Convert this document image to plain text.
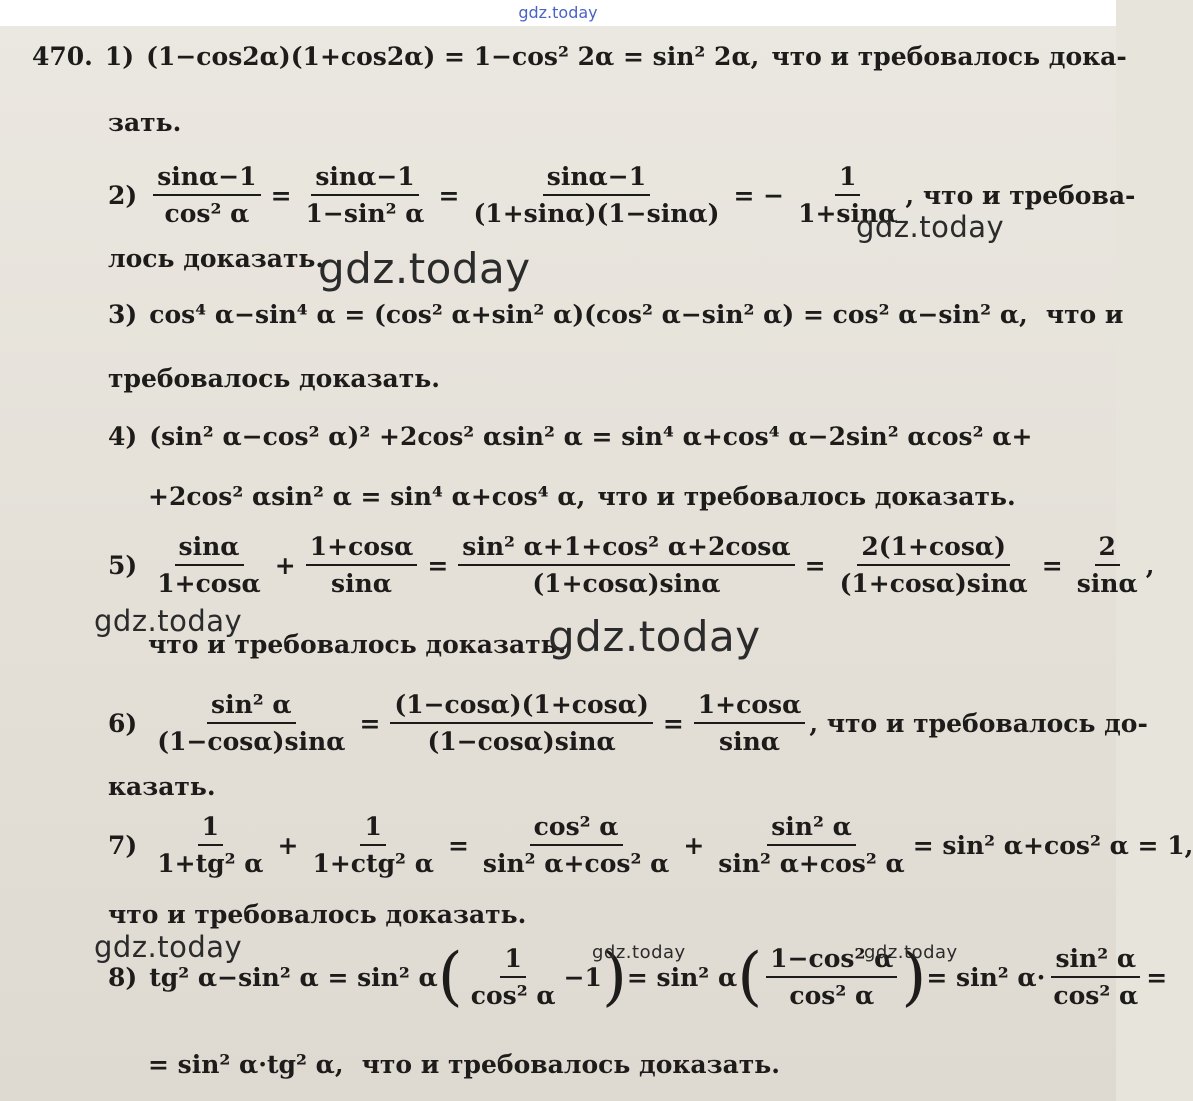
gdz.today
470. 1) (1−cos2α)(1+cos2α) = 1−cos² 2α = sin² 2α, что и требовалось дока-
зать.
$2) \frac{\sin\alpha-1}{\text{cos² α}} = \frac{\sin\alpha-1}{\text{1−sin² α}} = \frac{\sin\alpha-1}{(1+\sin\alpha)(1-\sin\alpha)}$ = − $\frac{1}{1+\sin\alpha}$ , что и требова-
лось доказать.
3) cos⁴ α−sin⁴ α = (cos² α+sin² α)(cos² α−sin² α) = cos² α−sin² α, что и
требовалось доказать.
4) (sin² α−cos² α)² +2cos² αsin² α = sin⁴ α+cos⁴ α−2sin² αcos² α+
+2cos² αsin² α = sin⁴ α+cos⁴ α, что и требовалось доказать.
$5) \frac{\sin\alpha}{1+\cos\alpha} + \frac{1+\cos\alpha}{\sin\alpha} = \frac{\text{sin² α+1+cos² α+2cosα}}{(1+\cos\alpha)\sin\alpha} = \frac{2(1+\cos\alpha)}{(1+\cos\alpha)\sin\alpha} = \frac{2}{\sin\alpha}$ ,
что и требовалось доказать.
$6) \frac{\text{sin² α}}{(1-\cos\alpha)\sin\alpha} = \frac{(1-\cos\alpha)(1+\cos\alpha)}{(1-\cos\alpha)\sin\alpha} = \frac{1+\cos\alpha}{\sin\alpha}$ , что и требовалось до-
казать.
$7) \frac{1}{\text{1+tg² α}} + \frac{1}{\text{1+ctg² α}} = \frac{\text{cos² α}}{\text{sin² α+cos² α}} + \frac{\text{sin² α}}{\text{sin² α+cos² α}} = \sin^2$ α+cos² α = 1,
что и требовалось доказать.
8) tg² α−sin² α = sin² α ( $\frac{1}{\text{cos² α}} -1$ ) = sin² α ( $\frac{\text{1−cos² α}}{\text{cos² α}}$ ) = sin² $\alpha\cdot \frac{\text{sin² α}}{\text{cos² α}}$ =
= sin² α·tg² α, что и требовалось доказать.
gdz.today
gdz.today
gdz.today	gdz.today
gdz.today	gdz.today	gdz.today
